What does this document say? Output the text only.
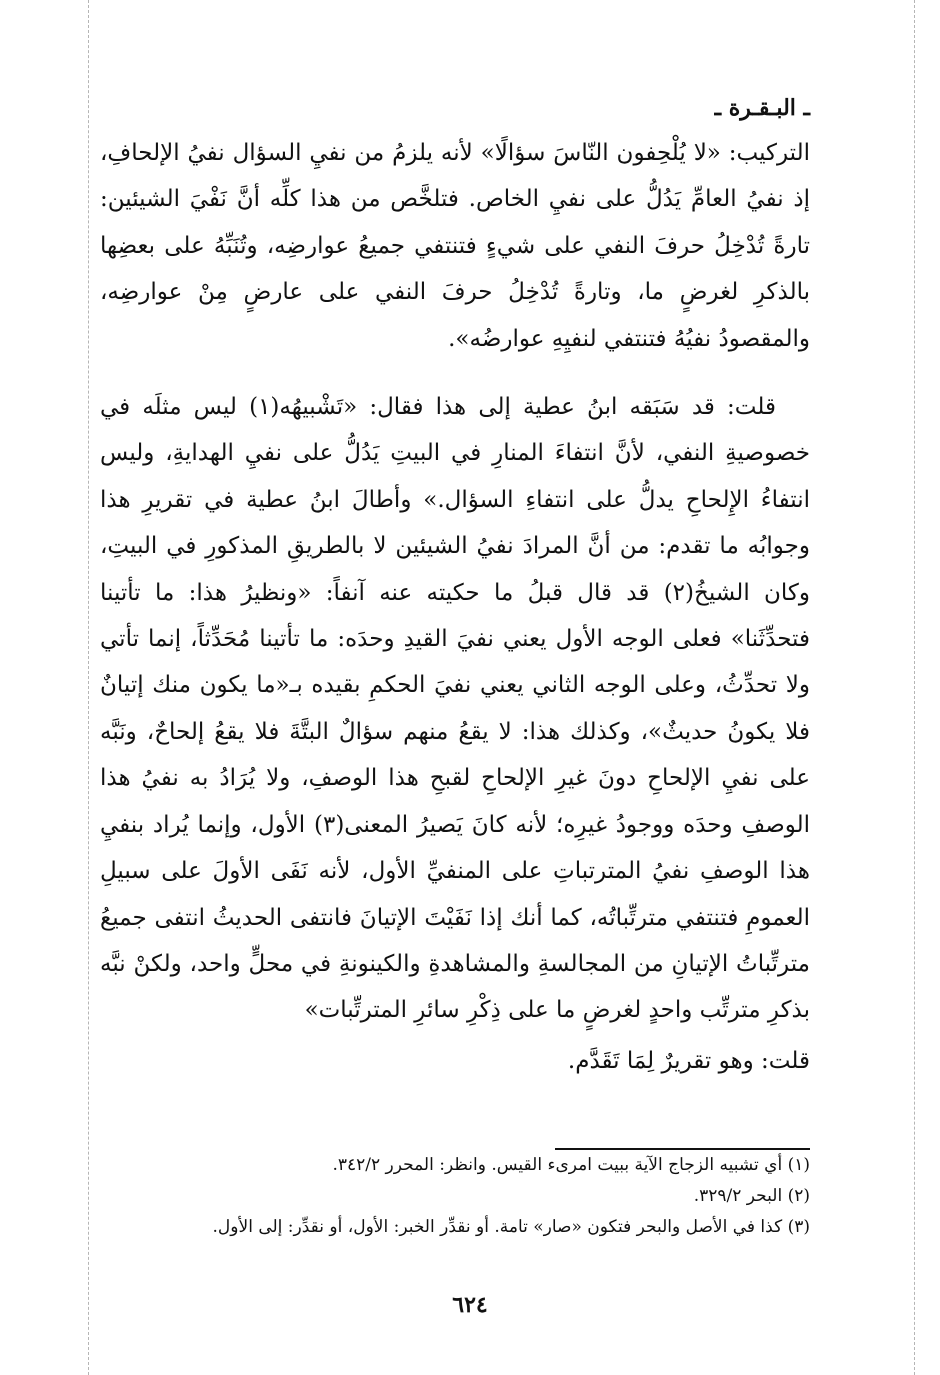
ـ البـقـرة ـ

التركيب: «لا يُلْحِفون النّاسَ سؤالًا» لأنه يلزمُ من نفيِ السؤال نفيُ الإلحافِ، إذ نفيُ العامِّ يَدُلُّ على نفيِ الخاص. فتلخَّص من هذا كلِّه أنَّ نَفْيَ الشيئين: تارةً تُدْخِلُ حرفَ النفي على شيءٍ فتنتفي جميعُ عوارضِه، وتُنَبِّهُ على بعضِها بالذكرِ لغرضٍ ما، وتارةً تُدْخِلُ حرفَ النفي على عارضٍ مِنْ عوارضِه، والمقصودُ نفيُهُ فتنتفي لنفيِهِ عوارضُه».

قلت: قد سَبَقه ابنُ عطية إلى هذا فقال: «تَشْبيهُه(١) ليس مثلَه في خصوصيةِ النفي، لأنَّ انتفاءَ المنارِ في البيتِ يَدُلُّ على نفيِ الهدايةِ، وليس انتفاءُ الإِلحاحِ يدلُّ على انتفاءِ السؤال.» وأطالَ ابنُ عطية في تقريرِ هذا وجوابُه ما تقدم: من أنَّ المرادَ نفيُ الشيئين لا بالطريقِ المذكورِ في البيتِ، وكان الشيخُ(٢) قد قال قبلُ ما حكيته عنه آنفاً: «ونظيرُ هذا: ما تأتينا فتحدِّثَنا» فعلى الوجه الأول يعني نفيَ القيدِ وحدَه: ما تأتينا مُحَدِّثاً، إنما تأتي ولا تحدِّثُ، وعلى الوجه الثاني يعني نفيَ الحكمِ بقيده بـ«ما يكون منك إتيانٌ فلا يكونُ حديثٌ»، وكذلك هذا: لا يقعُ منهم سؤالٌ البتَّةَ فلا يقعُ إلحاحٌ، ونَبَّه على نفيِ الإلحاحِ دونَ غيرِ الإلحاحِ لقبحِ هذا الوصفِ، ولا يُرَادُ به نفيُ هذا الوصفِ وحدَه ووجودُ غيرِه؛ لأنه كانَ يَصيرُ المعنى(٣) الأول، وإنما يُراد بنفيِ هذا الوصفِ نفيُ المترتباتِ على المنفيِّ الأول، لأنه نَفَى الأولَ على سبيلِ العمومِ فتنتفي مترتِّباتُه، كما أنك إذا نَفَيْتَ الإتيانَ فانتفى الحديثُ انتفى جميعُ مترتِّباتُ الإتيانِ من المجالسةِ والمشاهدةِ والكينونةِ في محلٍّ واحد، ولكنْ نبَّه بذكرِ مترتِّب واحدٍ لغرضٍ ما على ذِكْرِ سائرِ المترتِّبات»

قلت: وهو تقريرٌ لِمَا تَقَدَّم.

(١) أي تشبيه الزجاج الآية ببيت امرىء القيس. وانظر: المحرر ٣٤٢/٢.
(٢) البحر ٣٢٩/٢.
(٣) كذا في الأصل والبحر فتكون «صار» تامة. أو نقدِّر الخبر: الأول، أو نقدِّر: إلى الأول.
٦٢٤
